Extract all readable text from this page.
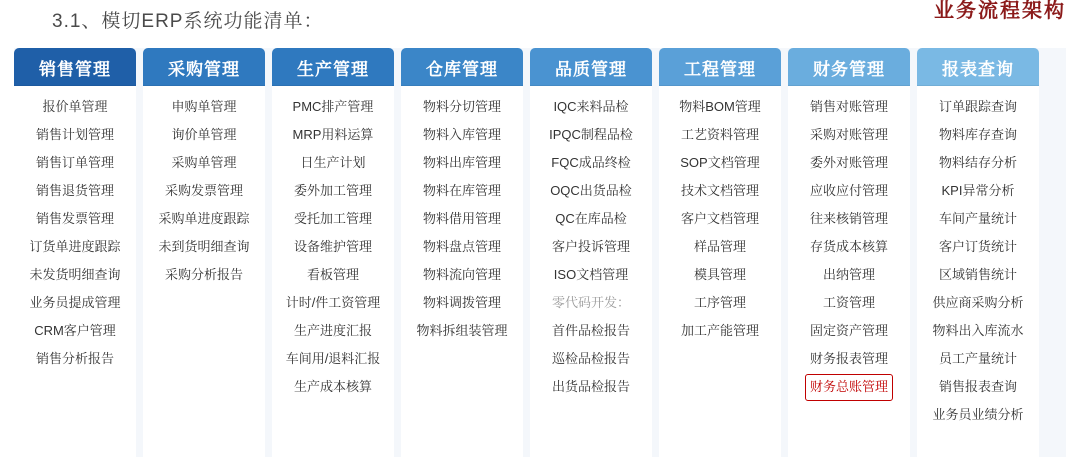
3.1、模切ERP系统功能清单：	业务流程架构
销售管理
报价单管理
销售计划管理
销售订单管理
销售退货管理
销售发票管理
订货单进度跟踪
未发货明细查询
业务员提成管理
CRM客户管理
销售分析报告
采购管理
申购单管理
询价单管理
采购单管理
采购发票管理
采购单进度跟踪
未到货明细查询
采购分析报告
生产管理
PMC排产管理
MRP用料运算
日生产计划
委外加工管理
受托加工管理
设备维护管理
看板管理
计时/件工资管理
生产进度汇报
车间用/退料汇报
生产成本核算
仓库管理
物料分切管理
物料入库管理
物料出库管理
物料在库管理
物料借用管理
物料盘点管理
物料流向管理
物料调拨管理
物料拆组装管理
品质管理
IQC来料品检
IPQC制程品检
FQC成品终检
OQC出货品检
QC在库品检
客户投诉管理
ISO文档管理
零代码开发：
首件品检报告
巡检品检报告
出货品检报告
工程管理
物料BOM管理
工艺资料管理
SOP文档管理
技术文档管理
客户文档管理
样品管理
模具管理
工序管理
加工产能管理
财务管理
销售对账管理
采购对账管理
委外对账管理
应收应付管理
往来核销管理
存货成本核算
出纳管理
工资管理
固定资产管理
财务报表管理
财务总账管理
报表查询
订单跟踪查询
物料库存查询
物料结存分析
KPI异常分析
车间产量统计
客户订货统计
区域销售统计
供应商采购分析
物料出入库流水
员工产量统计
销售报表查询
业务员业绩分析
